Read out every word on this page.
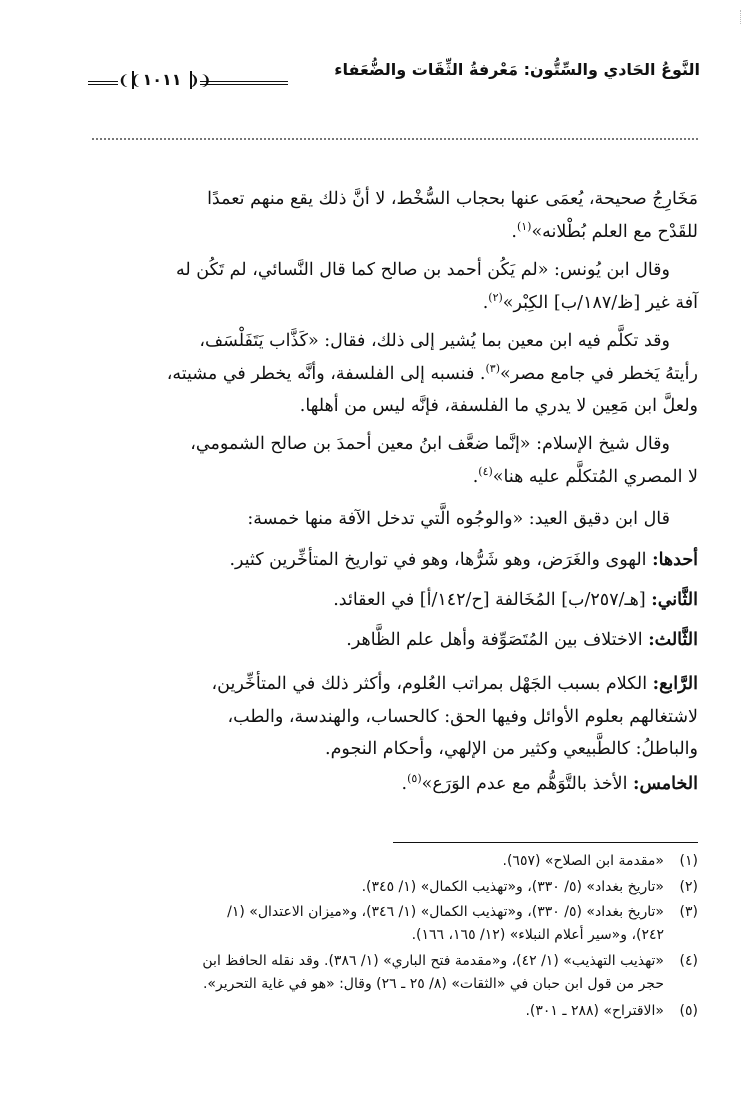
النَّوعُ الحَادي والسِّتُّون: مَعْرفةُ الثِّقَات والضُّعَفاء
❨❨ ١٠١١ ❩❩
مَخَارِجُ صحيحة، يُعمَى عنها بحجاب السُّخْط، لا أنَّ ذلك يقع منهم تعمدًا
للقَدْح مع العلم بُطْلانه»$^{(١)}$.
وقال ابن يُونس: «لم يَكُن أحمد بن صالح كما قال النَّسائي، لم تَكُن له
آفة غير [ظ/١٨٧/ب] الكِبْر»$^{(٢)}$.
وقد تكلَّم فيه ابن معين بما يُشير إلى ذلك، فقال: «كَذَّاب يَتَفَلْسَف،
رأيتهُ يَخطر في جامع مصر»$^{(٣)}$. فنسبه إلى الفلسفة، وأنَّه يخطر في مشيته،
ولعلَّ ابن مَعِين لا يدري ما الفلسفة، فإنَّه ليس من أهلها.
وقال شيخ الإسلام: «إنَّما ضعَّف ابنُ معين أحمدَ بن صالح الشمومي،
لا المصري المُتكلَّم عليه هنا»$^{(٤)}$.
قال ابن دقيق العيد: «والوجُوه الَّتي تدخل الآفة منها خمسة:
أحدها: الهوى والغَرَض، وهو شَرُّها، وهو في تواريخ المتأخِّرين كثير.
الثَّاني: [هـ/٢٥٧/ب] المُخَالفة [ح/١٤٢/أ] في العقائد.
الثَّالث: الاختلاف بين المُتَصَوِّفة وأهل علم الظَّاهر.
الرَّابع: الكلام بسبب الجَهْل بمراتب العُلوم، وأكثر ذلك في المتأخِّرين،
لاشتغالهم بعلوم الأوائل وفيها الحق: كالحساب، والهندسة، والطب،
والباطلُ: كالطَّبيعي وكثير من الإلهي، وأحكام النجوم.
الخامس: الأخذ بالتَّوَهُّم مع عدم الوَرَع»$^{(٥)}$.
(١)«مقدمة ابن الصلاح» (٦٥٧).
(٢)«تاريخ بغداد» (٥/ ٣٣٠)، و«تهذيب الكمال» (١/ ٣٤٥).
(٣)«تاريخ بغداد» (٥/ ٣٣٠)، و«تهذيب الكمال» (١/ ٣٤٦)، و«ميزان الاعتدال» (١/
٢٤٢)، و«سير أعلام النبلاء» (١٢/ ١٦٥، ١٦٦).
(٤)«تهذيب التهذيب» (١/ ٤٢)، و«مقدمة فتح الباري» (١/ ٣٨٦). وقد نقله الحافظ ابن
حجر من قول ابن حبان في «الثقات» (٨/ ٢٥ ـ ٢٦) وقال: «هو في غاية التحرير».
(٥)«الاقتراح» (٢٨٨ ـ ٣٠١).
